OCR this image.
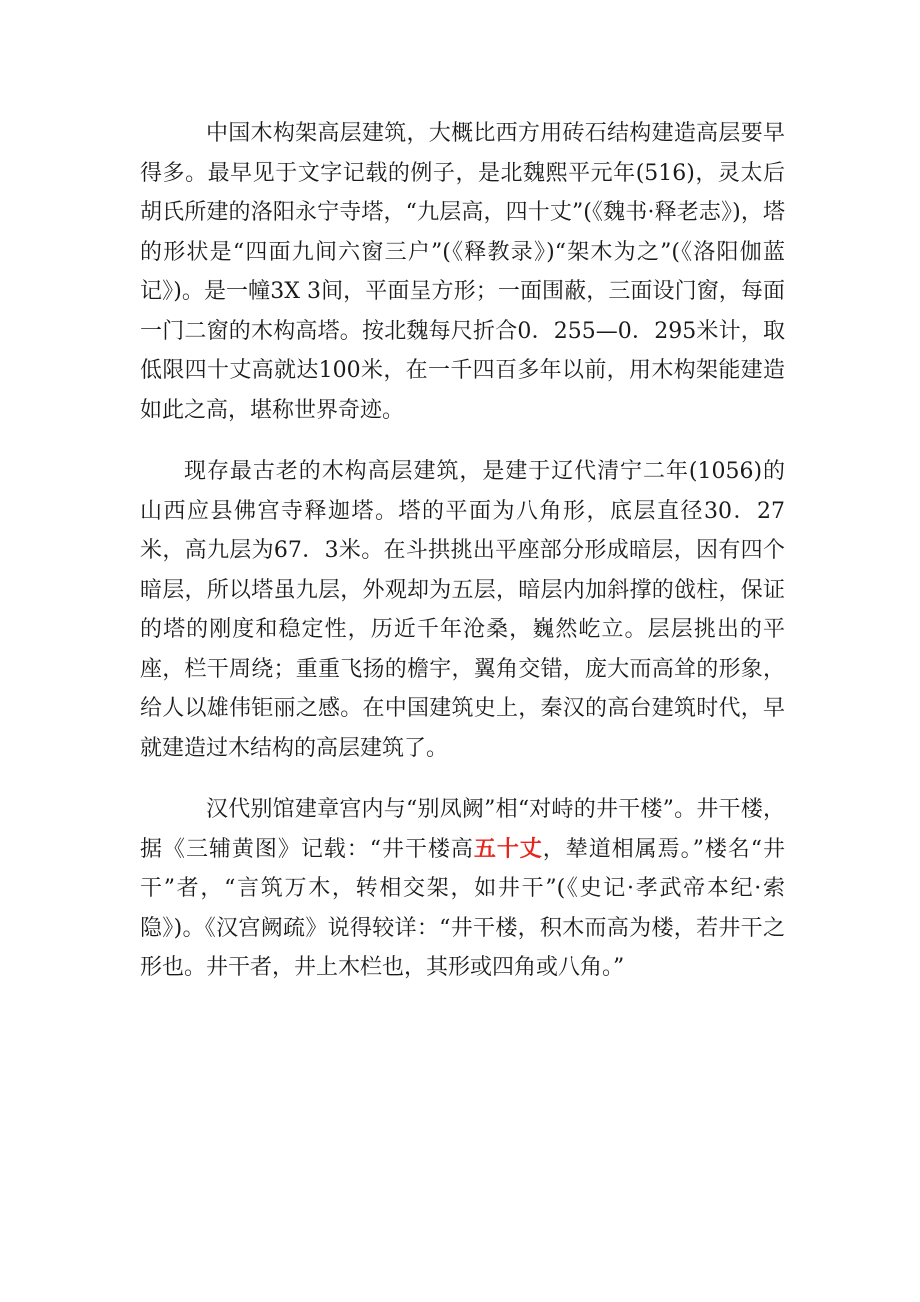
中国木构架高层建筑，大概比西方用砖石结构建造高层要早得多。最早见于文字记载的例子，是北魏熙平元年(516)，灵太后胡氏所建的洛阳永宁寺塔，“九层高，四十丈”(《魏书·释老志》)，塔的形状是“四面九间六窗三户”(《释教录》)“架木为之”(《洛阳伽蓝记》)。是一幢3X 3间，平面呈方形；一面围蔽，三面设门窗，每面一门二窗的木构高塔。按北魏每尺折合0．255—0．295米计，取低限四十丈高就达100米，在一千四百多年以前，用木构架能建造如此之高，堪称世界奇迹。

现存最古老的木构高层建筑，是建于辽代清宁二年(1056)的山西应县佛宫寺释迦塔。塔的平面为八角形，底层直径30．27米，高九层为67．3米。在斗拱挑出平座部分形成暗层，因有四个暗层，所以塔虽九层，外观却为五层，暗层内加斜撑的戗柱，保证的塔的刚度和稳定性，历近千年沧桑，巍然屹立。层层挑出的平座，栏干周绕；重重飞扬的檐宇，翼角交错，庞大而高耸的形象，给人以雄伟钜丽之感。在中国建筑史上，秦汉的高台建筑时代，早就建造过木结构的高层建筑了。

汉代别馆建章宫内与“别凤阙”相“对峙的井干楼”。井干楼，据《三辅黄图》记载：“井干楼高五十丈，辇道相属焉。”楼名“井干”者，“言筑万木，转相交架，如井干”(《史记·孝武帝本纪·索隐》)。《汉宫阙疏》说得较详：“井干楼，积木而高为楼，若井干之形也。井干者，井上木栏也，其形或四角或八角。”
